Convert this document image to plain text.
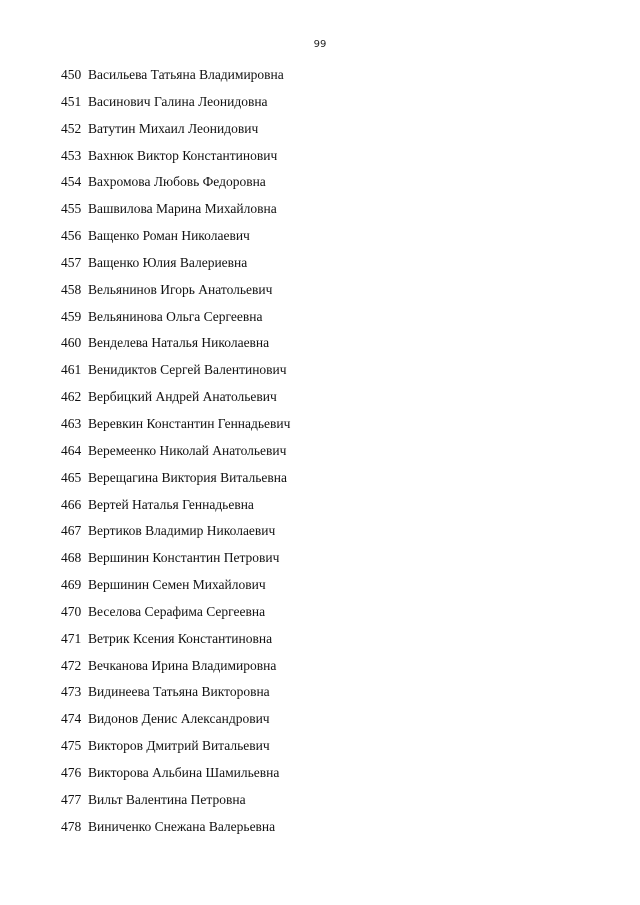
99
450 Васильева Татьяна Владимировна
451 Васинович Галина Леонидовна
452 Ватутин Михаил Леонидович
453 Вахнюк Виктор Константинович
454 Вахромова Любовь Федоровна
455 Вашвилова Марина Михайловна
456 Ващенко Роман Николаевич
457 Ващенко Юлия Валериевна
458 Вельянинов Игорь Анатольевич
459 Вельянинова Ольга Сергеевна
460 Венделева Наталья Николаевна
461 Венидиктов Сергей Валентинович
462 Вербицкий Андрей Анатольевич
463 Веревкин Константин Геннадьевич
464 Веремеенко Николай Анатольевич
465 Верещагина Виктория Витальевна
466 Вертей Наталья Геннадьевна
467 Вертиков Владимир Николаевич
468 Вершинин Константин Петрович
469 Вершинин Семен Михайлович
470 Веселова Серафима Сергеевна
471 Ветрик Ксения Константиновна
472 Вечканова Ирина Владимировна
473 Видинеева Татьяна Викторовна
474 Видонов Денис Александрович
475 Викторов Дмитрий Витальевич
476 Викторова Альбина Шамильевна
477 Вильт Валентина Петровна
478 Виниченко Снежана Валерьевна
